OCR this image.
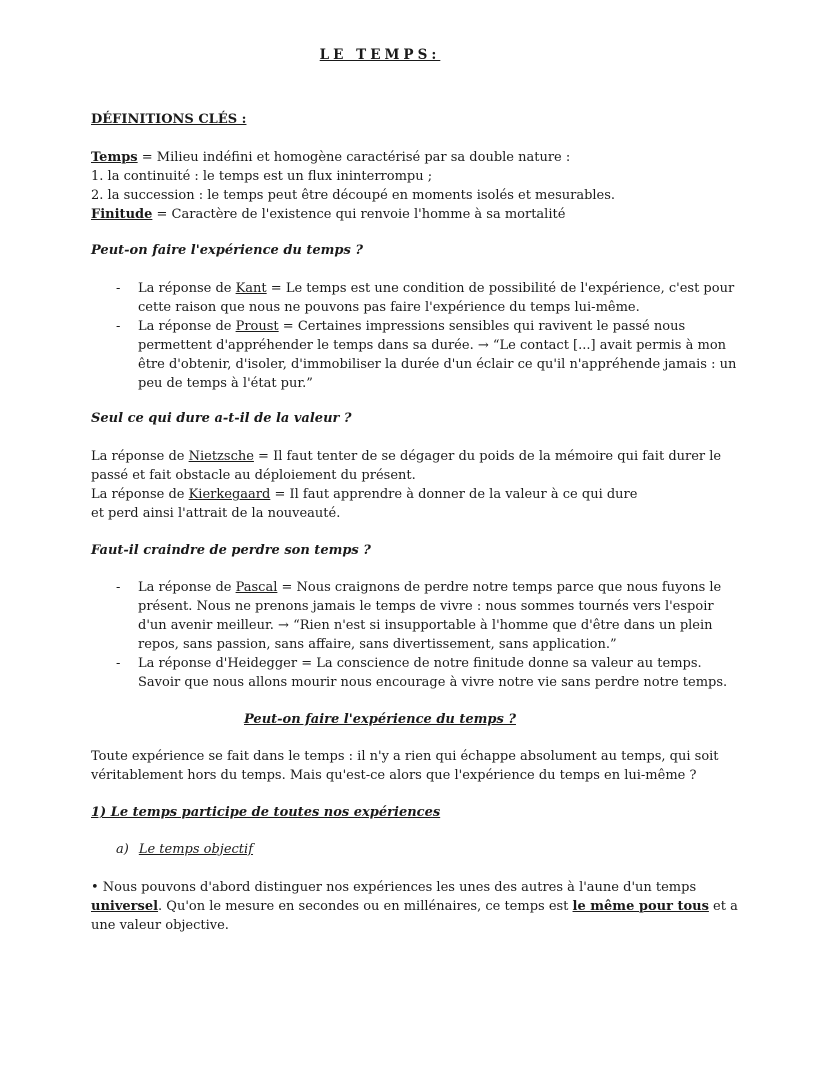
LE TEMPS:
DÉFINITIONS CLÉS :
Temps = Milieu indéfini et homogène caractérisé par sa double nature :
1. la continuité : le temps est un flux ininterrompu ;
2. la succession : le temps peut être découpé en moments isolés et mesurables.
Finitude = Caractère de l'existence qui renvoie l'homme à sa mortalité
Peut-on faire l'expérience du temps ?
- La réponse de Kant = Le temps est une condition de possibilité de l'expérience, c'est pour
cette raison que nous ne pouvons pas faire l'expérience du temps lui-même.
- La réponse de Proust = Certaines impressions sensibles qui ravivent le passé nous
permettent d'appréhender le temps dans sa durée. → “Le contact [...] avait permis à mon
être d'obtenir, d'isoler, d'immobiliser la durée d'un éclair ce qu'il n'appréhende jamais : un
peu de temps à l'état pur.”
Seul ce qui dure a-t-il de la valeur ?
La réponse de Nietzsche = Il faut tenter de se dégager du poids de la mémoire qui fait durer le
passé et fait obstacle au déploiement du présent.
La réponse de Kierkegaard = Il faut apprendre à donner de la valeur à ce qui dure
et perd ainsi l'attrait de la nouveauté.
Faut-il craindre de perdre son temps ?
- La réponse de Pascal = Nous craignons de perdre notre temps parce que nous fuyons le
présent. Nous ne prenons jamais le temps de vivre : nous sommes tournés vers l'espoir
d'un avenir meilleur. → “Rien n'est si insupportable à l'homme que d'être dans un plein
repos, sans passion, sans affaire, sans divertissement, sans application.”
- La réponse d'Heidegger = La conscience de notre finitude donne sa valeur au temps.
Savoir que nous allons mourir nous encourage à vivre notre vie sans perdre notre temps.
Peut-on faire l'expérience du temps ?
Toute expérience se fait dans le temps : il n'y a rien qui échappe absolument au temps, qui soit
véritablement hors du temps. Mais qu'est-ce alors que l'expérience du temps en lui-même ?
1) Le temps participe de toutes nos expériences
a) Le temps objectif
• Nous pouvons d'abord distinguer nos expériences les unes des autres à l'aune d'un temps
universel. Qu'on le mesure en secondes ou en millénaires, ce temps est le même pour tous et a
une valeur objective.
